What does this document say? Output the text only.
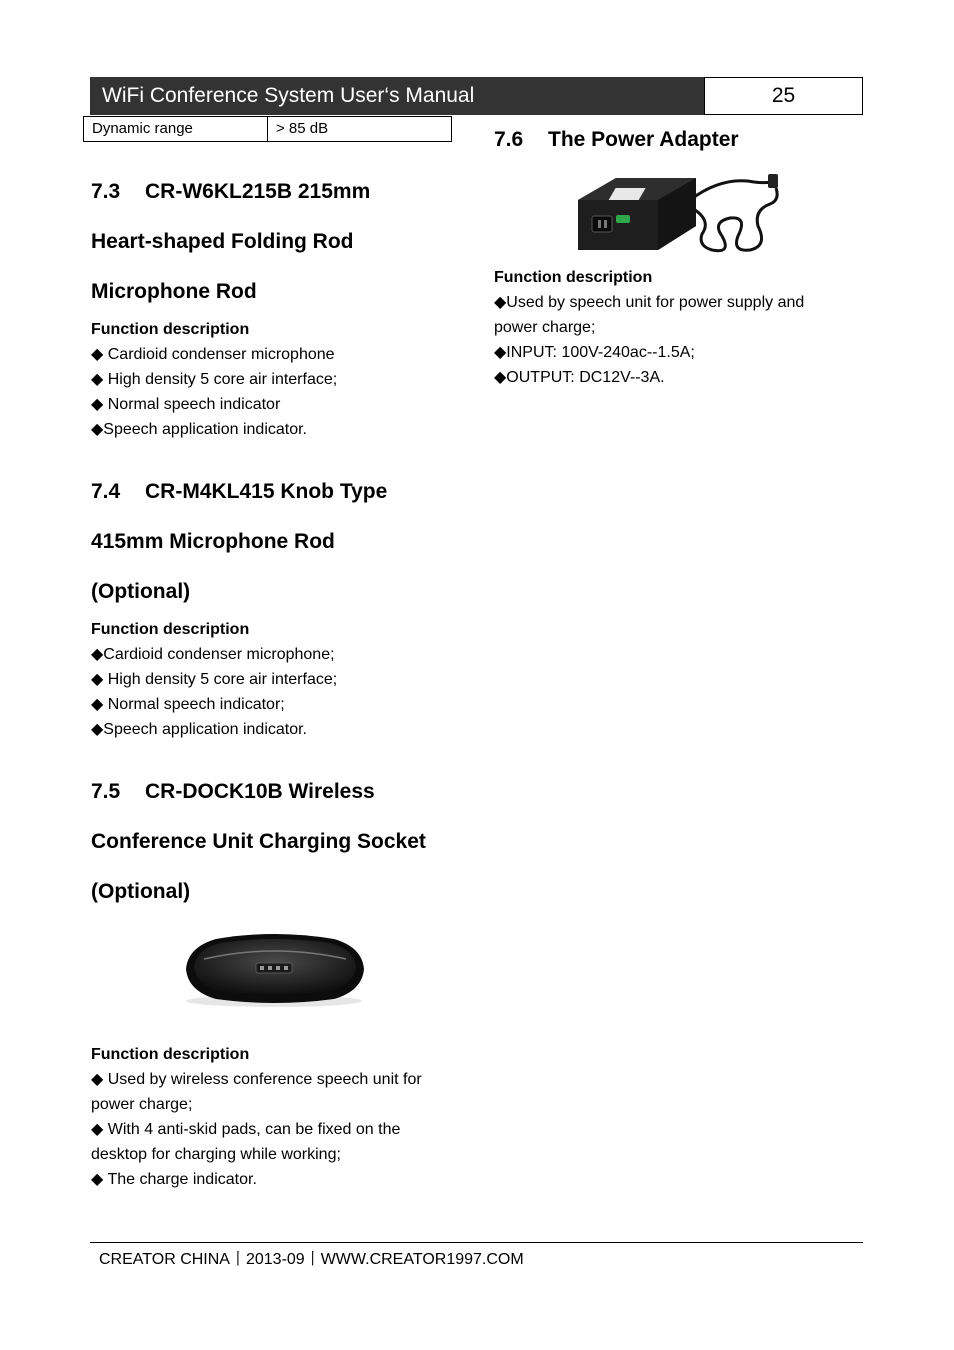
WiFi Conference System User‘s Manual	25
Dynamic range	> 85 dB
7.3 CR-W6KL215B 215mm
Heart-shaped Folding Rod
Microphone Rod
Function description

◆ Cardioid condenser microphone

◆ High density 5 core air interface;

◆ Normal speech indicator

◆Speech application indicator.

7.4 CR-M4KL415 Knob Type
415mm Microphone Rod
(Optional)
Function description

◆Cardioid condenser microphone;

◆ High density 5 core air interface;

◆ Normal speech indicator;

◆Speech application indicator.

7.5 CR-DOCK10B Wireless
Conference Unit Charging Socket
(Optional)
Function description

◆ Used by wireless conference speech unit for

power charge;

◆ With 4 anti-skid pads, can be fixed on the

desktop for charging while working;

◆ The charge indicator.

7.6 The Power Adapter
Function description

◆Used by speech unit for power supply and

power charge;

◆INPUT: 100V-240ac--1.5A;

◆OUTPUT: DC12V--3A.

CREATOR CHINA丨2013-09丨WWW.CREATOR1997.COM
